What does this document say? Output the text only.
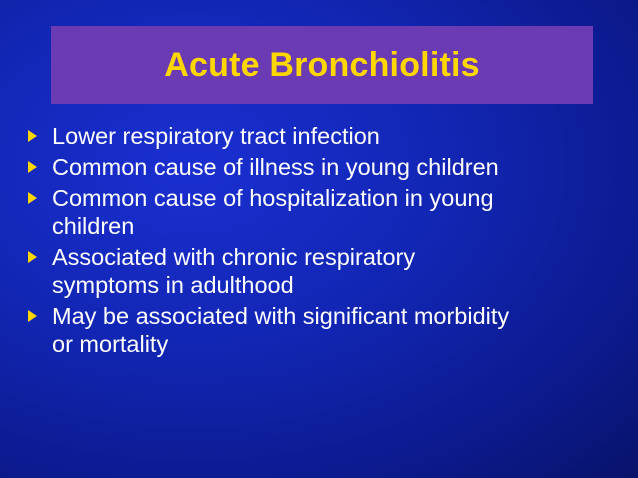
Acute Bronchiolitis
Lower respiratory tract infection
Common cause of illness in young children
Common cause of hospitalization in young
children
Associated with chronic respiratory
symptoms in adulthood
May be associated with significant morbidity
or mortality
